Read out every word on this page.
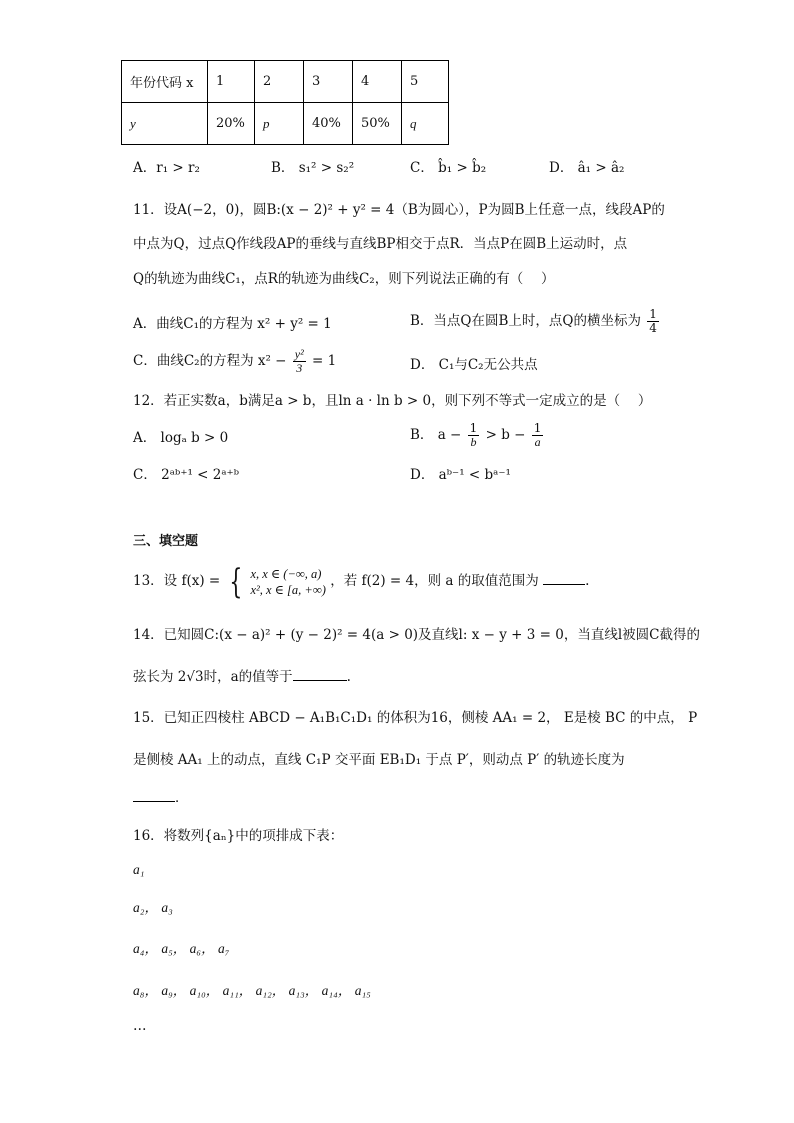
年份代码 x	1	2	3	4	5
y	20%	p	40%	50%	q
A．r₁ > r₂	B． s₁² > s₂²	C． b̂₁ > b̂₂	D． â₁ > â₂
11．设A(−2，0)，圆B:(x − 2)² + y² = 4（B为圆心），P为圆B上任意一点，线段AP的
中点为Q，过点Q作线段AP的垂线与直线BP相交于点R．当点P在圆B上运动时，点
Q的轨迹为曲线C₁，点R的轨迹为曲线C₂，则下列说法正确的有（　 ）
A．曲线C₁的方程为 x² + y² = 1	B．当点Q在圆B上时，点Q的横坐标为 $\frac{1}{4}$
C．曲线C₂的方程为 $x^2 - \frac{\text{y²}}{3} = 1$	D． C₁与C₂无公共点
12．若正实数a，b满足a > b，且ln a · ln b > 0，则下列不等式一定成立的是（　 ）
A． logₐ b > 0	B． $a - \frac{1}{b} > b - \frac{1}{a}$
C． 2ᵃᵇ⁺¹ < 2ᵃ⁺ᵇ	D． aᵇ⁻¹ < bᵃ⁻¹
三、填空题
13．设 f(x) = { x, x ∈ (−∞, a)
x², x ∈ [a, +∞)
，若 f(2) = 4，则 a 的取值范围为	.
14．已知圆C:(x − a)² + (y − 2)² = 4(a > 0)及直线l: x − y + 3 = 0，当直线l被圆C截得的
弦长为 2√3时，a的值等于	.
15．已知正四棱柱 ABCD − A₁B₁C₁D₁ 的体积为16，侧棱 AA₁ = 2， E是棱 BC 的中点， P
是侧棱 AA₁ 上的动点，直线 C₁P 交平面 EB₁D₁ 于点 P′，则动点 P′ 的轨迹长度为
．
16．将数列{aₙ}中的项排成下表：
a₁
a₂， a₃
a₄， a₅， a₆， a₇
a₈， a₉， a₁₀， a₁₁， a₁₂， a₁₃， a₁₄， a₁₅
…
